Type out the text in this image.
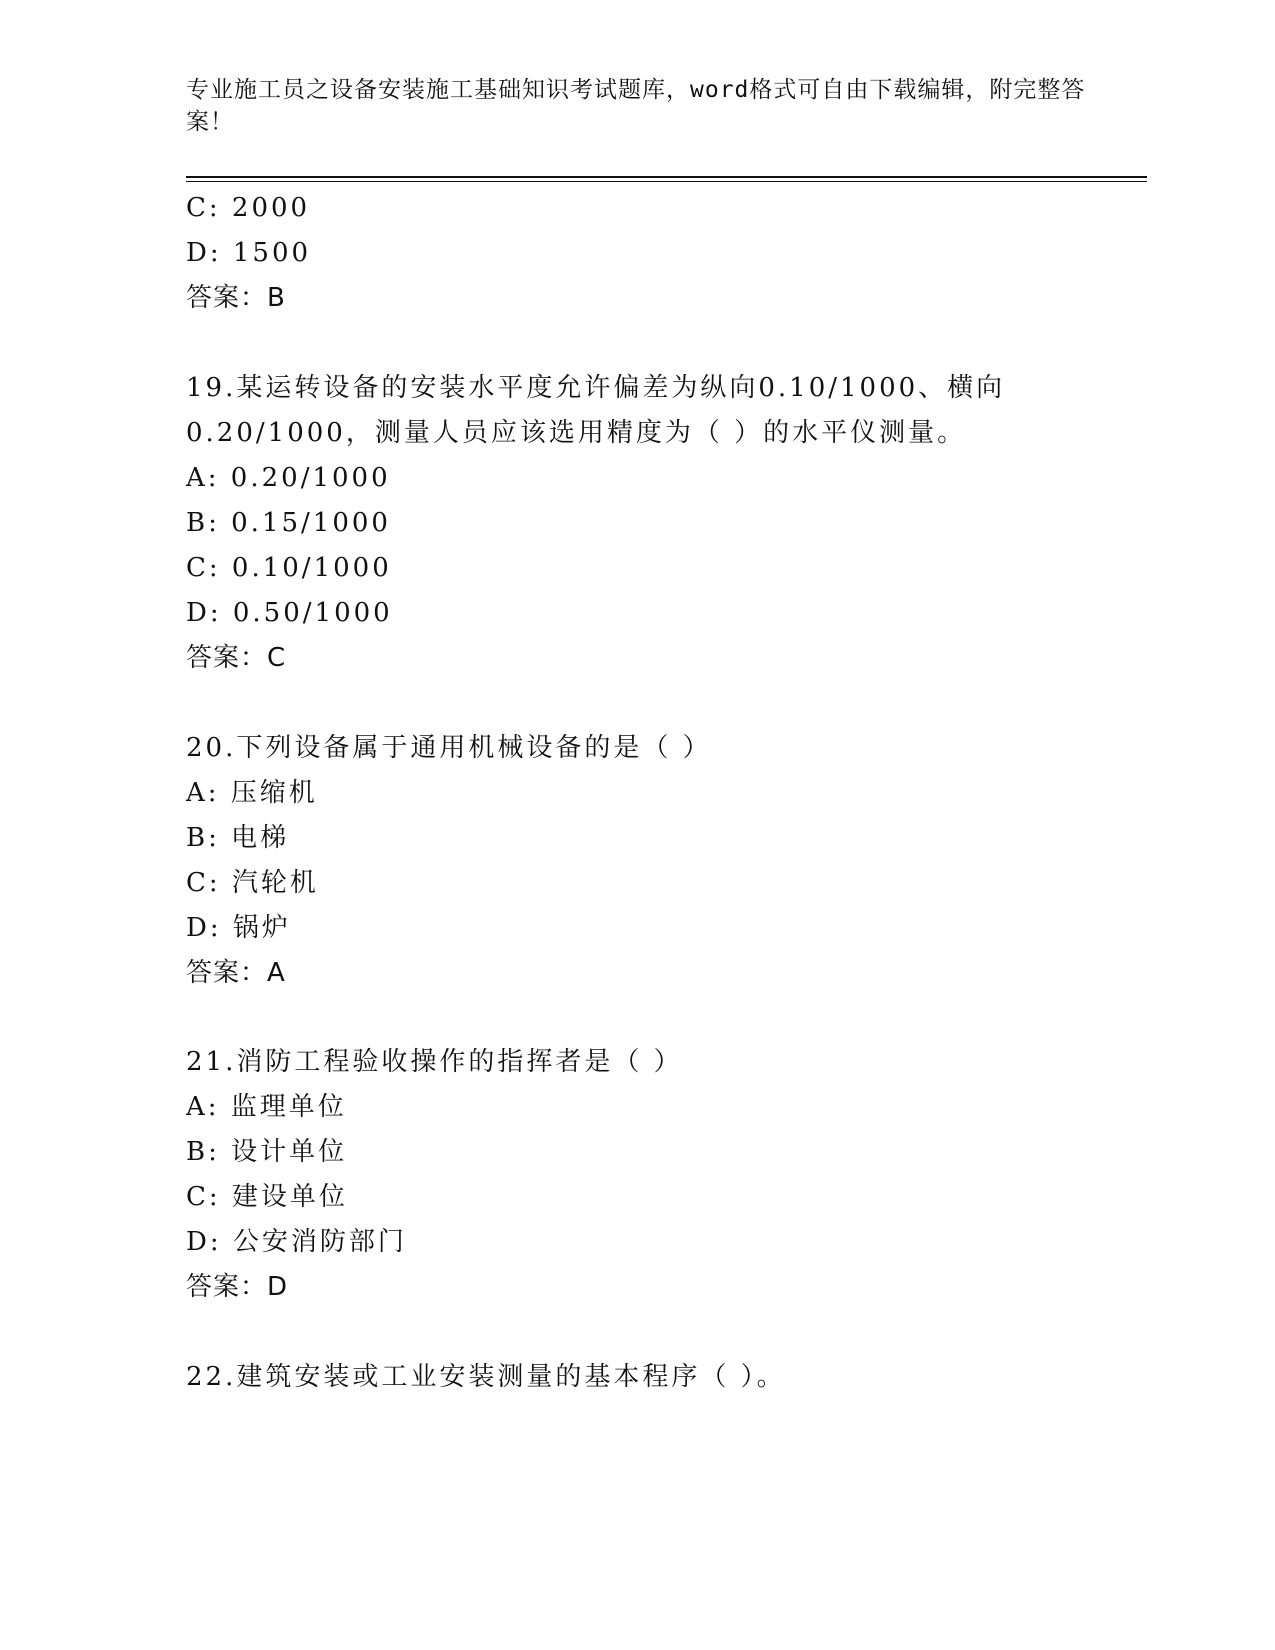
专业施工员之设备安装施工基础知识考试题库，word格式可自由下载编辑，附完整答案！
C: 2000
D: 1500
答案：B
19.某运转设备的安装水平度允许偏差为纵向0.10/1000、横向
0.20/1000，测量人员应该选用精度为（ ）的水平仪测量。
A: 0.20/1000
B: 0.15/1000
C: 0.10/1000
D: 0.50/1000
答案：C
20.下列设备属于通用机械设备的是（ ）
A: 压缩机
B: 电梯
C: 汽轮机
D: 锅炉
答案：A
21.消防工程验收操作的指挥者是（ ）
A: 监理单位
B: 设计单位
C: 建设单位
D: 公安消防部门
答案：D
22.建筑安装或工业安装测量的基本程序（ ）。
